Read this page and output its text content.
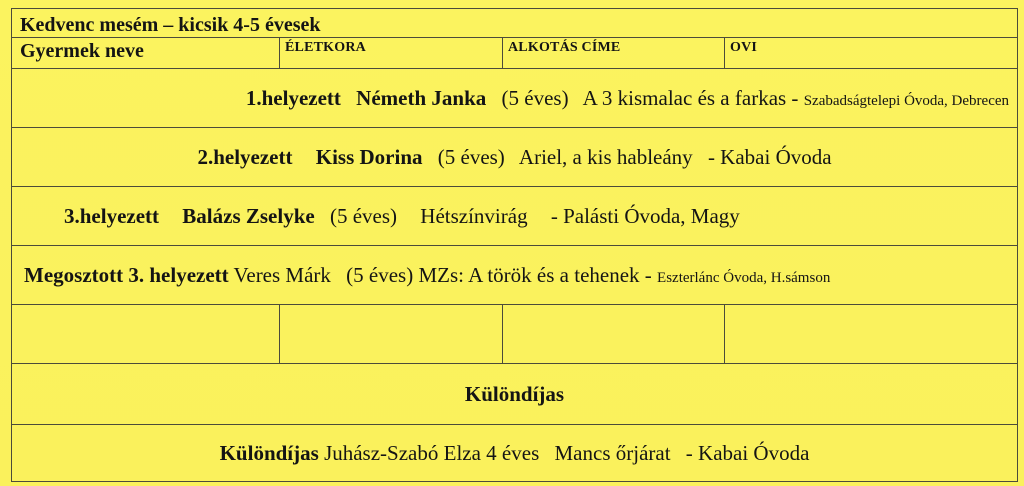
Kedvenc mesém – kicsik 4-5 évesek			
Gyermek neve	ÉLETKORA	ALKOTÁS CÍME	OVI
1.helyezett Németh Janka (5 éves) A 3 kismalac és a farkas - Szabadságtelepi Óvoda, Debrecen			
2.helyezett Kiss Dorina (5 éves) Ariel, a kis hableány - Kabai Óvoda			
3.helyezett Balázs Zselyke (5 éves) Hétszínvirág - Palásti Óvoda, Magy			
Megosztott 3. helyezett Veres Márk (5 éves) MZs: A török és a tehenek - Eszterlánc Óvoda, H.sámson			

Különdíjas			
Különdíjas Juhász-Szabó Elza 4 éves Mancs őrjárat - Kabai Óvoda			
